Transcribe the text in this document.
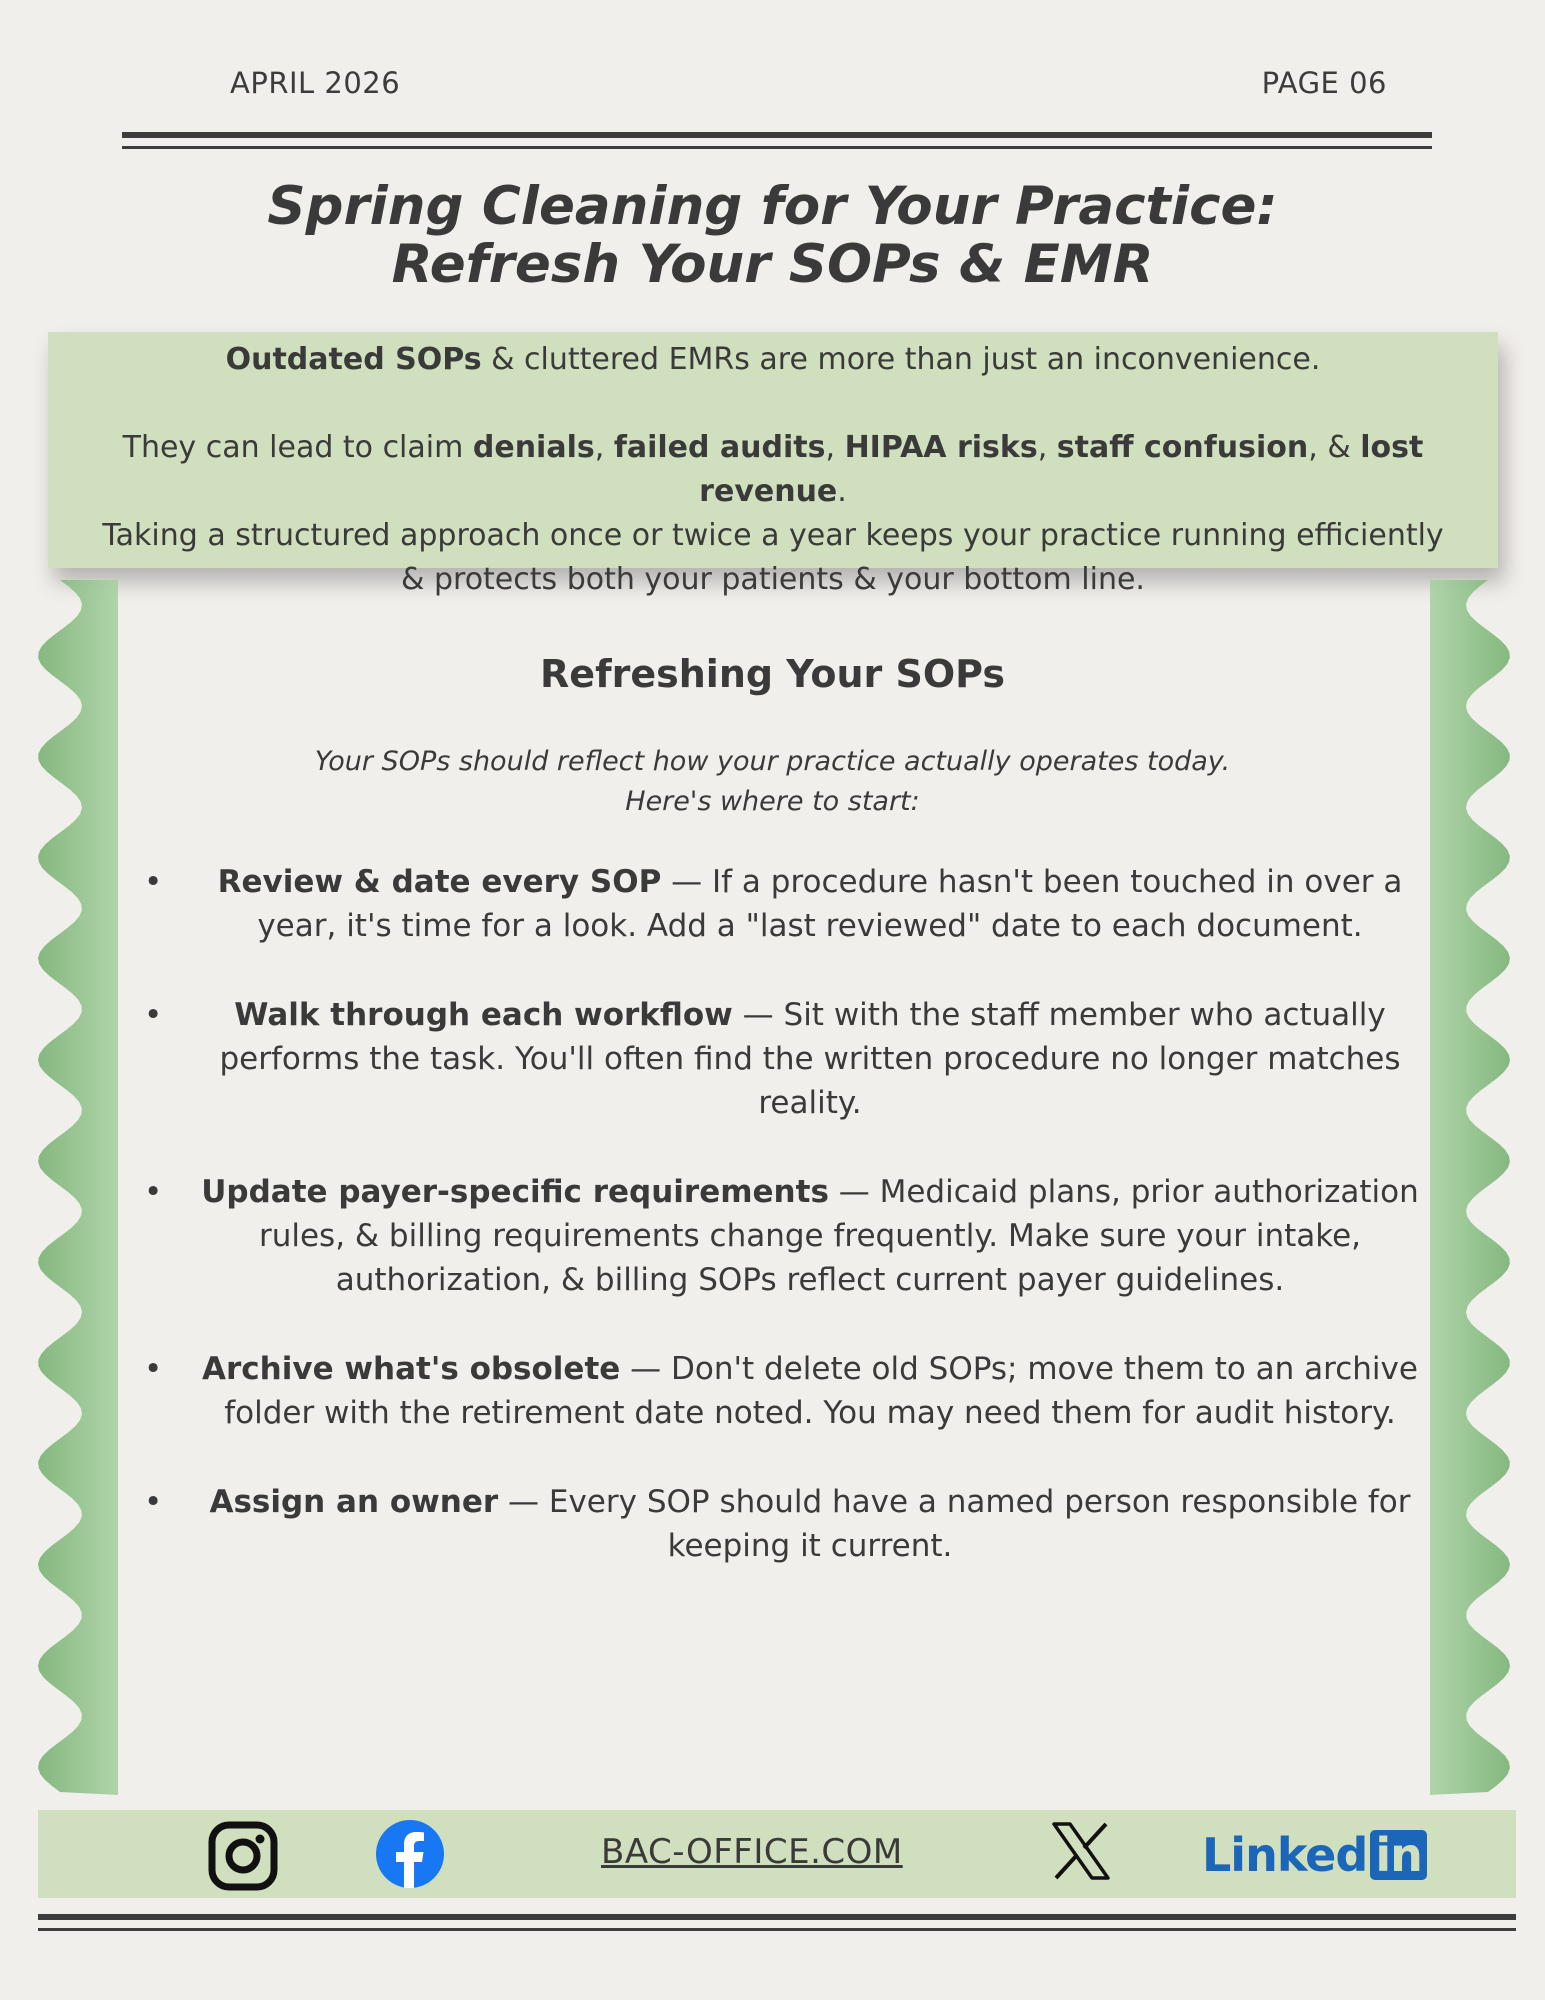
APRIL 2026	PAGE 06
Spring Cleaning for Your Practice:
Refresh Your SOPs & EMR

Outdated SOPs & cluttered EMRs are more than just an inconvenience.

They can lead to claim denials, failed audits, HIPAA risks, staff confusion, & lost revenue.
Taking a structured approach once or twice a year keeps your practice running efficiently
& protects both your patients & your bottom line.

Refreshing Your SOPs
Your SOPs should reflect how your practice actually operates today.
Here's where to start:
• Review & date every SOP — If a procedure hasn't been touched in over a year, it's time for a look. Add a "last reviewed" date to each document.
• Walk through each workflow — Sit with the staff member who actually performs the task. You'll often find the written procedure no longer matches reality.
• Update payer-specific requirements — Medicaid plans, prior authorization rules, & billing requirements change frequently. Make sure your intake, authorization, & billing SOPs reflect current payer guidelines.
• Archive what's obsolete — Don't delete old SOPs; move them to an archive folder with the retirement date noted. You may need them for audit history.
• Assign an owner — Every SOP should have a named person responsible for keeping it current.
BAC-OFFICE.COM	Linked in
